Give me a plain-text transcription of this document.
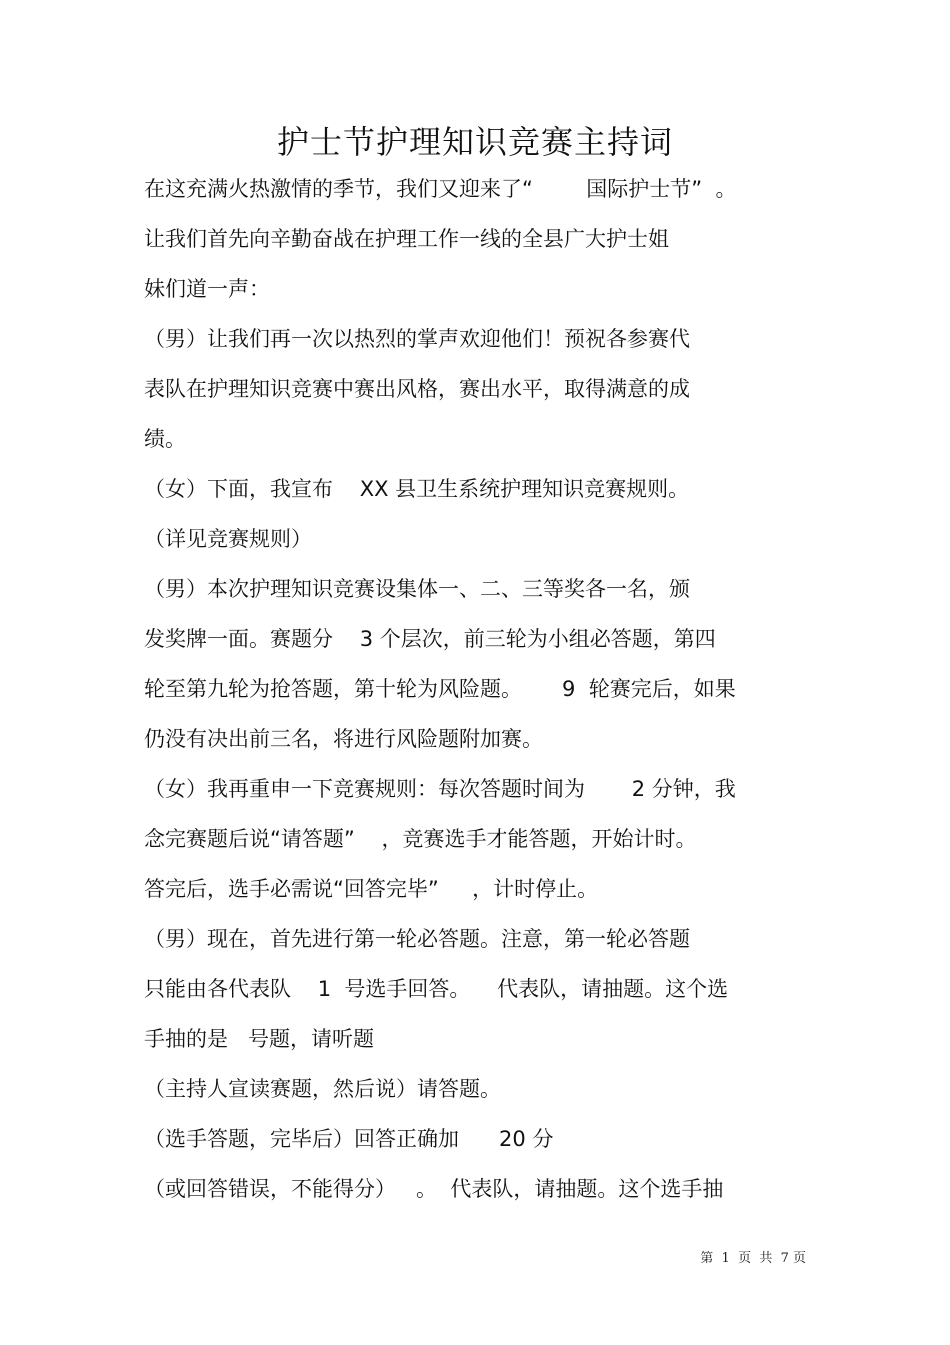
护士节护理知识竞赛主持词
在这充满火热激情的季节，我们又迎来了“        国际护士节”  。
让我们首先向辛勤奋战在护理工作一线的全县广大护士姐
妹们道一声：
（男）让我们再一次以热烈的掌声欢迎他们！预祝各参赛代
表队在护理知识竞赛中赛出风格，赛出水平，取得满意的成
绩。
（女）下面，我宣布    XX 县卫生系统护理知识竞赛规则。
（详见竞赛规则）
（男）本次护理知识竞赛设集体一、二、三等奖各一名，颁
发奖牌一面。赛题分    3 个层次，前三轮为小组必答题，第四
轮至第九轮为抢答题，第十轮为风险题。      9  轮赛完后，如果
仍没有决出前三名，将进行风险题附加赛。
（女）我再重申一下竞赛规则：每次答题时间为       2 分钟，我
念完赛题后说“请答题”    ，竞赛选手才能答题，开始计时。
答完后，选手必需说“回答完毕”     ，计时停止。
（男）现在，首先进行第一轮必答题。注意，第一轮必答题
只能由各代表队    1  号选手回答。    代表队，请抽题。这个选
手抽的是   号题，请听题
（主持人宣读赛题，然后说）请答题。
（选手答题，完毕后）回答正确加      20 分
（或回答错误，不能得分）   。  代表队，请抽题。这个选手抽
第  1  页  共  7 页
